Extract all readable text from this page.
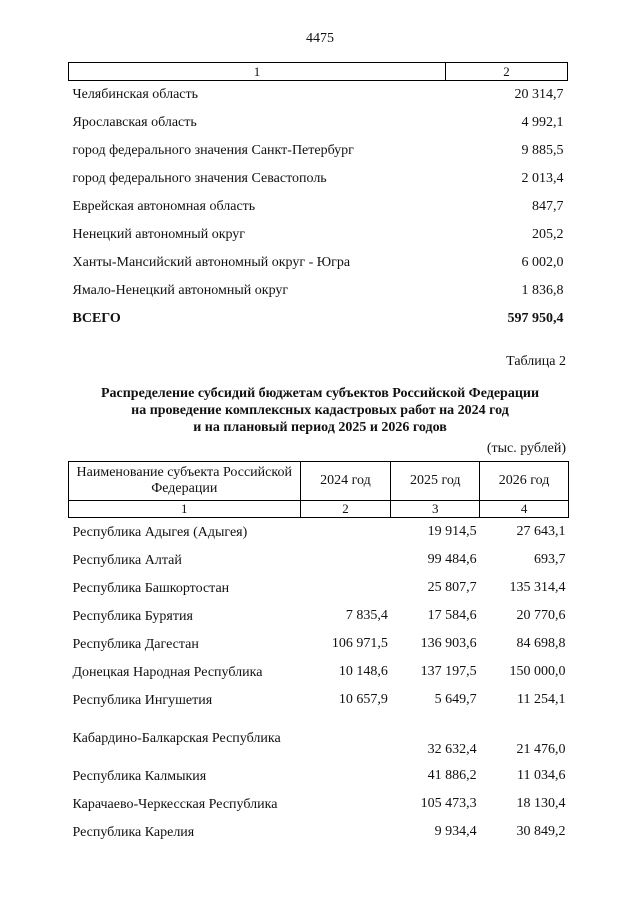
4475
1	2
Челябинская область	20 314,7
Ярославская область	4 992,1
город федерального значения Санкт-Петербург	9 885,5
город федерального значения Севастополь	2 013,4
Еврейская автономная область	847,7
Ненецкий автономный округ	205,2
Ханты-Мансийский автономный округ - Югра	6 002,0
Ямало-Ненецкий автономный округ	1 836,8
ВСЕГО	597 950,4
Таблица 2
Распределение субсидий бюджетам субъектов Российской Федерации
на проведение комплексных кадастровых работ на 2024 год
и на плановый период 2025 и 2026 годов
(тыс. рублей)
Наименование субъекта Российской Федерации	2024 год	2025 год	2026 год
1	2	3	4
Республика Адыгея (Адыгея)		19 914,5	27 643,1
Республика Алтай		99 484,6	693,7
Республика Башкортостан		25 807,7	135 314,4
Республика Бурятия	7 835,4	17 584,6	20 770,6
Республика Дагестан	106 971,5	136 903,6	84 698,8
Донецкая Народная Республика	10 148,6	137 197,5	150 000,0
Республика Ингушетия	10 657,9	5 649,7	11 254,1
Кабардино-Балкарская Республика		32 632,4	21 476,0
Республика Калмыкия		41 886,2	11 034,6
Карачаево-Черкесская Республика		105 473,3	18 130,4
Республика Карелия		9 934,4	30 849,2
